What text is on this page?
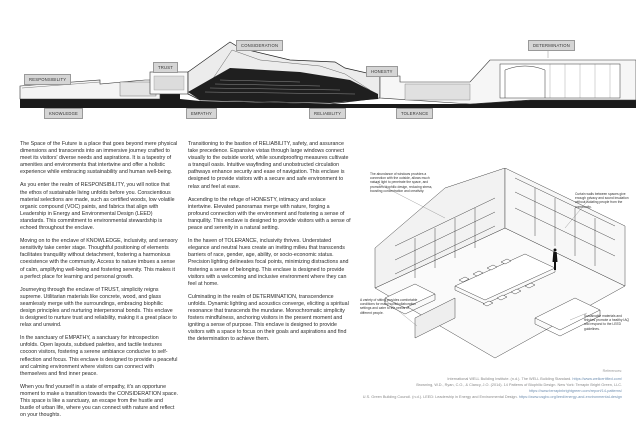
RESPONSIBILITY
KNOWLEDGE
TRUST
EMPATHY
CONSIDERATION
RELIABILITY
HONESTY
TOLERANCE
DETERMINATION

The Space of the Future is a place that goes beyond mere physical dimensions and transcends into an immersive journey crafted to meet its visitors' diverse needs and aspirations. It is a tapestry of amenities and environments that intertwine and offer a holistic experience while embracing sustainability and human well-being.

As you enter the realm of RESPONSIBILITY, you will notice that the ethos of sustainable living unfolds before you. Conscientious material selections are made, such as certified woods, low volatile organic compound (VOC) paints, and fabrics that align with Leadership in Energy and Environmental Design (LEED) standards. This commitment to environmental stewardship is echoed throughout the enclave.

Moving on to the enclave of KNOWLEDGE, inclusivity, and sensory sensitivity take center stage. Thoughtful positioning of elements facilitates tranquility without detachment, fostering a harmonious coexistence with the community. Access to nature imbues a sense of calm, amplifying well-being and fostering serenity. This makes it a perfect place for learning and personal growth.

Journeying through the enclave of TRUST, simplicity reigns supreme. Utilitarian materials like concrete, wood, and glass seamlessly merge with the surroundings, embracing biophilic design principles and nurturing interpersonal bonds. This enclave is designed to nurture trust and reliability, making it a great place to relax and unwind.

In the sanctuary of EMPATHY, a sanctuary for introspection unfolds. Open layouts, subdued palettes, and tactile textures cocoon visitors, fostering a serene ambiance conducive to self-reflection and focus. This enclave is designed to provide a peaceful and calming environment where visitors can connect with themselves and find inner peace.

When you find yourself in a state of empathy, it's an opportune moment to make a transition towards the CONSIDERATION space. This space is like a sanctuary, an escape from the hustle and bustle of urban life, where you can connect with nature and reflect on your thoughts.

Transitioning to the bastion of RELIABILITY, safety, and assurance take precedence. Expansive vistas through large windows connect visually to the outside world, while soundproofing measures cultivate a tranquil oasis. Intuitive wayfinding and unobstructed circulation pathways enhance security and ease of navigation. This enclave is designed to provide visitors with a secure and safe environment to relax and feel at ease.

Ascending to the refuge of HONESTY, intimacy and solace intertwine. Elevated panoramas merge with nature, forging a profound connection with the environment and fostering a sense of tranquility. This enclave is designed to provide visitors with a sense of peace and serenity in a natural setting.

In the haven of TOLERANCE, inclusivity thrives. Understated elegance and neutral hues create an inviting milieu that transcends barriers of race, gender, age, ability, or socio-economic status. Precision lighting delineates focal points, minimizing distractions and fostering a sense of belonging. This enclave is designed to provide visitors with a welcoming and inclusive environment where they can feel at home.

Culminating in the realm of DETERMINATION, transcendence unfolds. Dynamic lighting and acoustics converge, eliciting a spiritual resonance that transcends the mundane. Monochromatic simplicity fosters mindfulness, anchoring visitors in the present moment and igniting a sense of purpose. This enclave is designed to provide visitors with a space to focus on their goals and aspirations and find the determination to achieve them.

The abundance of windows provides a connection with the outside, allows much natural light to penetrate the space, and promotes biophilic design, reducing stress, boosting concentration and creativity.
Curtain walls between spaces give enough privacy and sound insulation without isolating people from the community.
A variety of sitting provides comfortable conditions for many work/collaboration settings and cater to the needs of different people.
Sustainable materials and finishes promote a healthy IAQ and respond to the LEED guidelines.
References:
International WELL Building Institute. (n.d.). The WELL Building Standard. https://www.wellcertified.com/
Browning, W.D., Ryan, C.O., & Clancy, J.O. (2014). 14 Patterns of Biophilic Design. New York: Terrapin Bright Green, LLC.
https://www.terrapinbrightgreen.com/report/14-patterns/
U.S. Green Building Council. (n.d.). LEED: Leadership in Energy and Environmental Design. https://www.usgbc.org/leed/energy-and-environmental-design
